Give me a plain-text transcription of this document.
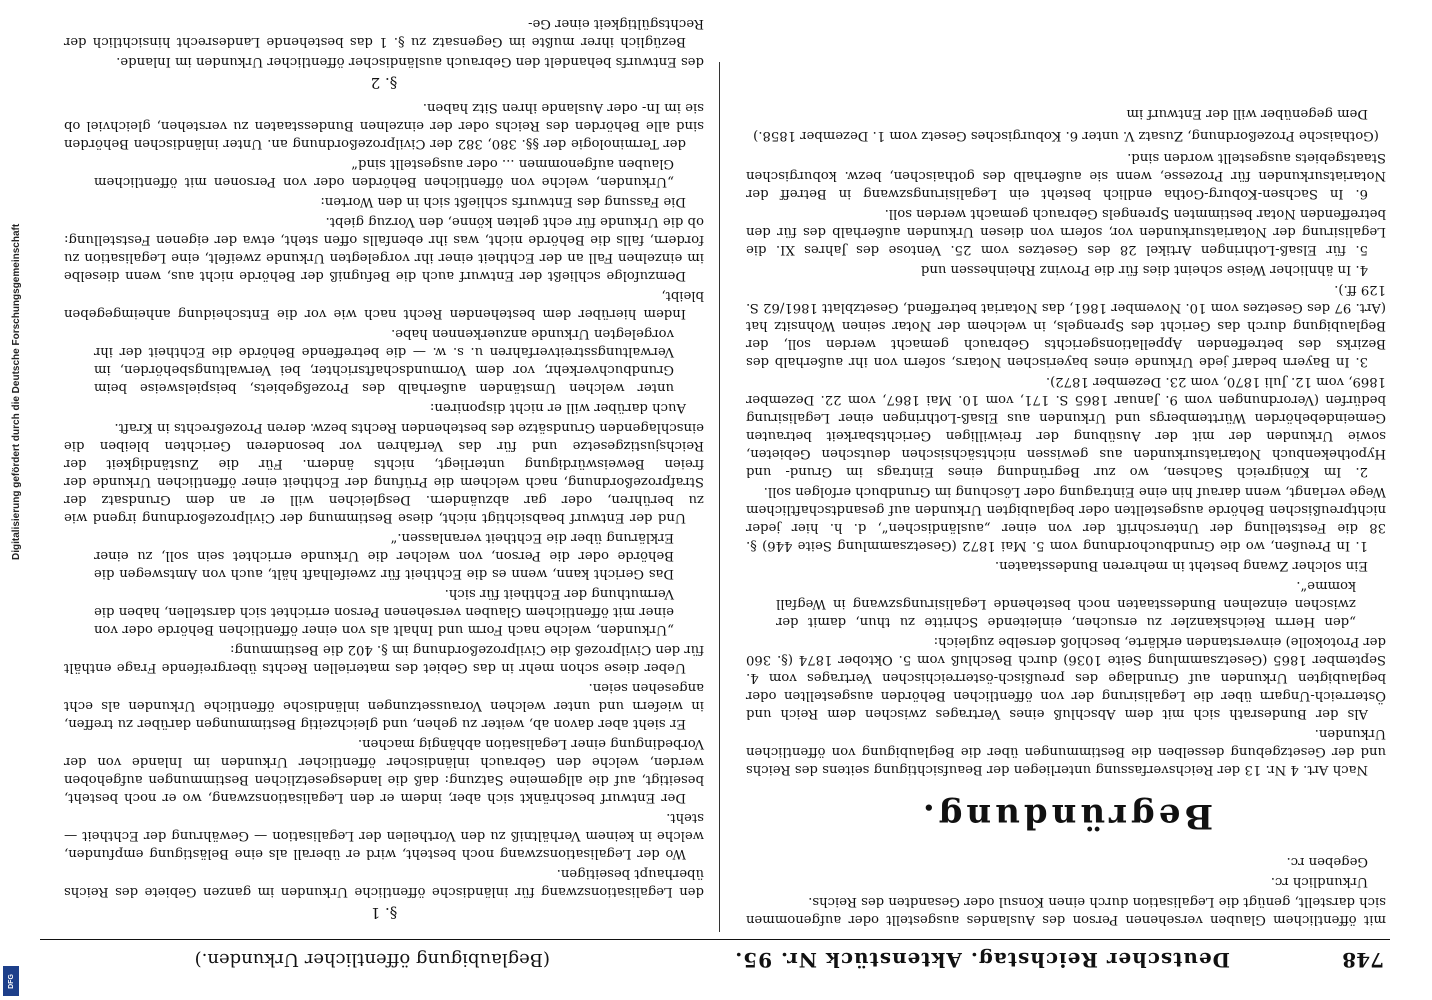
Digitalisierung gefördert durch die Deutsche Forschungsgemeinschaft
DFG
748
Deutscher Reichstag. Aktenstück Nr. 95.
(Beglaubigung öffentlicher Urkunden.)

mit öffentlichem Glauben versehenen Person des Auslandes ausgestellt oder aufgenommen sich darstellt, genügt die Legalisation durch einen Konsul oder Gesandten des Reichs.

Urkundlich rc.

Gegeben rc.

Begründung.

Nach Art. 4 Nr. 13 der Reichsverfassung unterliegen der Beaufsichtigung seitens des Reichs und der Gesetzgebung desselben die Bestimmungen über die Beglaubigung von öffentlichen Urkunden.

Als der Bundesrath sich mit dem Abschluß eines Vertrages zwischen dem Reich und Österreich-Ungarn über die Legalisirung der von öffentlichen Behörden ausgestellten oder beglaubigten Urkunden auf Grundlage des preußisch-österreichischen Vertrages vom 4. September 1865 (Gesetzsammlung Seite 1036) durch Beschluß vom 5. Oktober 1874 (§. 360 der Protokolle) einverstanden erklärte, beschloß derselbe zugleich:

„den Herrn Reichskanzler zu ersuchen, einleitende Schritte zu thun, damit der zwischen einzelnen Bundesstaaten noch bestehende Legalisirungszwang in Wegfall komme“.

Ein solcher Zwang besteht in mehreren Bundesstaaten.

1. In Preußen, wo die Grundbuchordnung vom 5. Mai 1872 (Gesetzsammlung Seite 446) §. 38 die Feststellung der Unterschrift der von einer „ausländischen“, d. h. hier jeder nichtpreußischen Behörde ausgestellten oder beglaubigten Urkunden auf gesandtschaftlichem Wege verlangt, wenn darauf hin eine Eintragung oder Löschung im Grundbuch erfolgen soll.

2. Im Königreich Sachsen, wo zur Begründung eines Eintrags im Grund- und Hypothekenbuch Notariatsurkunden aus gewissen nichtsächsischen deutschen Gebieten, sowie Urkunden der mit der Ausübung der freiwilligen Gerichtsbarkeit betrauten Gemeindebehörden Württembergs und Urkunden aus Elsaß-Lothringen einer Legalisirung bedürfen (Verordnungen vom 9. Januar 1865 S. 171, vom 10. Mai 1867, vom 22. Dezember 1869, vom 12. Juli 1870, vom 23. Dezember 1872).

3. In Bayern bedarf jede Urkunde eines bayerischen Notars, sofern von ihr außerhalb des Bezirks des betreffenden Appellationsgerichts Gebrauch gemacht werden soll, der Beglaubigung durch das Gericht des Sprengels, in welchem der Notar seinen Wohnsitz hat (Art. 97 des Gesetzes vom 10. November 1861, das Notariat betreffend, Gesetzblatt 1861/62 S. 129 ff.).

4. In ähnlicher Weise scheint dies für die Provinz Rheinhessen und

5. für Elsaß-Lothringen Artikel 28 des Gesetzes vom 25. Ventose des Jahres XI. die Legalisirung der Notariatsurkunden vor, sofern von diesen Urkunden außerhalb des für den betreffenden Notar bestimmten Sprengels Gebrauch gemacht werden soll.

6. In Sachsen-Koburg-Gotha endlich besteht ein Legalisirungszwang in Betreff der Notariatsurkunden für Prozesse, wenn sie außerhalb des gothaischen, bezw. koburgischen Staatsgebiets ausgestellt worden sind.

(Gothaische Prozeßordnung, Zusatz V. unter 6. Koburgisches Gesetz vom 1. Dezember 1858.)

Dem gegenüber will der Entwurf im

§. 1

den Legalisationszwang für inländische öffentliche Urkunden im ganzen Gebiete des Reichs überhaupt beseitigen.

Wo der Legalisationszwang noch besteht, wird er überall als eine Belästigung empfunden, welche in keinem Verhältniß zu den Vortheilen der Legalisation — Gewährung der Echtheit — steht.

Der Entwurf beschränkt sich aber, indem er den Legalisationszwang, wo er noch besteht, beseitigt, auf die allgemeine Satzung: daß die landesgesetzlichen Bestimmungen aufgehoben werden, welche den Gebrauch inländischer öffentlicher Urkunden im Inlande von der Vorbedingung einer Legalisation abhängig machen.

Er sieht aber davon ab, weiter zu gehen, und gleichzeitig Bestimmungen darüber zu treffen, in wiefern und unter welchen Voraussetzungen inländische öffentliche Urkunden als echt angesehen seien.

Ueber diese schon mehr in das Gebiet des materiellen Rechts übergreifende Frage enthält für den Civilprozeß die Civilprozeßordnung im §. 402 die Bestimmung:

„Urkunden, welche nach Form und Inhalt als von einer öffentlichen Behörde oder von einer mit öffentlichem Glauben versehenen Person errichtet sich darstellen, haben die Vermuthung der Echtheit für sich.

Das Gericht kann, wenn es die Echtheit für zweifelhaft hält, auch von Amtswegen die Behörde oder die Person, von welcher die Urkunde errichtet sein soll, zu einer Erklärung über die Echtheit veranlassen.“

Und der Entwurf beabsichtigt nicht, diese Bestimmung der Civilprozeßordnung irgend wie zu berühren, oder gar abzuändern. Desgleichen will er an dem Grundsatz der Strafprozeßordnung, nach welchem die Prüfung der Echtheit einer öffentlichen Urkunde der freien Beweiswürdigung unterliegt, nichts ändern. Für die Zuständigkeit der Reichsjustizgesetze und für das Verfahren vor besonderen Gerichten bleiben die einschlagenden Grundsätze des bestehenden Rechts bezw. deren Prozeßrechts in Kraft.

Auch darüber will er nicht disponiren:

unter welchen Umständen außerhalb des Prozeßgebiets, beispielsweise beim Grundbuchverkehr, vor dem Vormundschaftsrichter, bei Verwaltungsbehörden, im Verwaltungsstreitverfahren u. s. w. — die betreffende Behörde die Echtheit der ihr vorgelegten Urkunde anzuerkennen habe.

Indem hierüber dem bestehenden Recht nach wie vor die Entscheidung anheimgegeben bleibt,

Demzufolge schließt der Entwurf auch die Befugniß der Behörde nicht aus, wenn dieselbe im einzelnen Fall an der Echtheit einer ihr vorgelegten Urkunde zweifelt, eine Legalisation zu fordern, falls die Behörde nicht, was ihr ebenfalls offen steht, etwa der eigenen Feststellung: ob die Urkunde für echt gelten könne, den Vorzug giebt.

Die Fassung des Entwurfs schließt sich in den Worten:

„Urkunden, welche von öffentlichen Behörden oder von Personen mit öffentlichem Glauben aufgenommen ... oder ausgestellt sind“

der Terminologie der §§. 380, 382 der Civilprozeßordnung an. Unter inländischen Behörden sind alle Behörden des Reichs oder der einzelnen Bundesstaaten zu verstehen, gleichviel ob sie im In- oder Auslande ihren Sitz haben.

§. 2

des Entwurfs behandelt den Gebrauch ausländischer öffentlicher Urkunden im Inlande.

Bezüglich ihrer mußte im Gegensatz zu §. 1 das bestehende Landesrecht hinsichtlich der Rechtsgültigkeit einer Ge-
